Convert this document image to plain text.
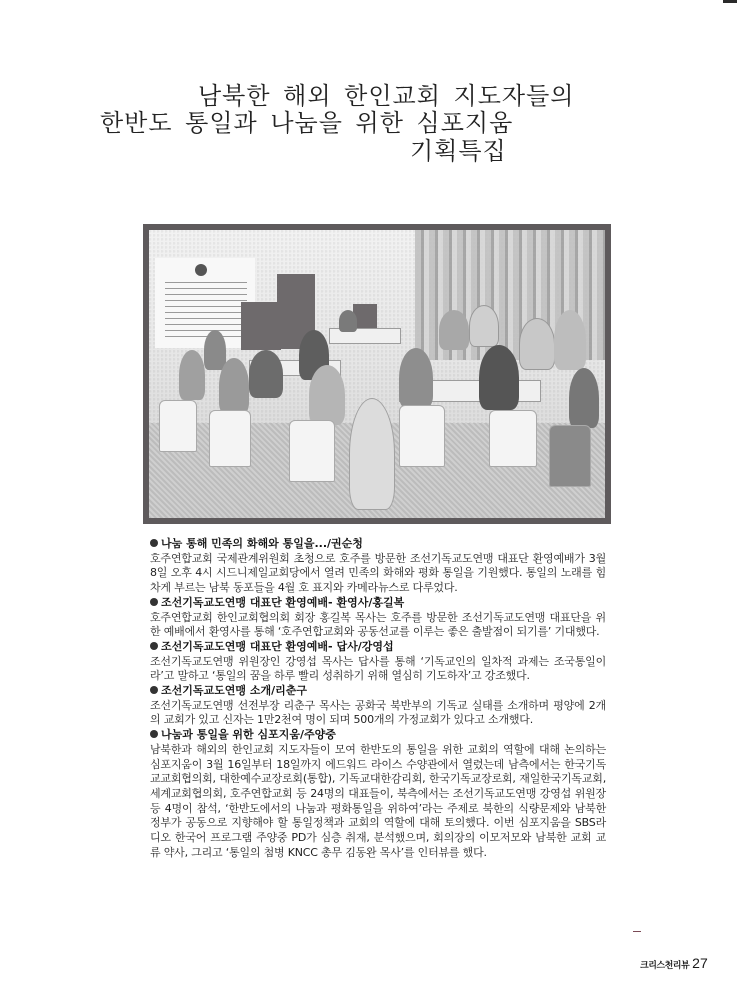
남북한 해외 한인교회 지도자들의
한반도 통일과 나눔을 위한 심포지움
기획특집
나눔 통해 민족의 화해와 통일을.../권순청

호주연합교회 국제관계위원회 초청으로 호주를 방문한 조선기독교도연맹 대표단 환영예배가 3월 8일 오후 4시 시드니제일교회당에서 열려 민족의 화해와 평화 통일을 기원했다. 통일의 노래를 힘차게 부르는 남북 동포들을 4월 호 표지와 카메라뉴스로 다루었다.

조선기독교도연맹 대표단 환영예배- 환영사/홍길복

호주연합교회 한인교회협의회 회장 홍길복 목사는 호주를 방문한 조선기독교도연맹 대표단을 위한 예배에서 환영사를 통해 ‘호주연합교회와 공동선교를 이루는 좋은 출발점이 되기를’ 기대했다.

조선기독교도연맹 대표단 환영예배- 답사/강영섭

조선기독교도연맹 위원장인 강영섭 목사는 답사를 통해 ‘기독교인의 일차적 과제는 조국통일이라’고 말하고 ‘통일의 꿈을 하루 빨리 성취하기 위해 열심히 기도하자’고 강조했다.

조선기독교도연맹 소개/리춘구

조선기독교도연맹 선전부장 리춘구 목사는 공화국 북반부의 기독교 실태를 소개하며 평양에 2개의 교회가 있고 신자는 1만2천여 명이 되며 500개의 가정교회가 있다고 소개했다.

나눔과 통일을 위한 심포지움/주양중

남북한과 해외의 한인교회 지도자들이 모여 한반도의 통일을 위한 교회의 역할에 대해 논의하는 심포지움이 3월 16일부터 18일까지 에드워드 라이스 수양관에서 열렸는데 남측에서는 한국기독교교회협의회, 대한예수교장로회(통합), 기독교대한감리회, 한국기독교장로회, 재일한국기독교회, 세계교회협의회, 호주연합교회 등 24명의 대표들이, 북측에서는 조선기독교도연맹 강영섭 위원장 등 4명이 참석, ‘한반도에서의 나눔과 평화통일을 위하여’라는 주제로 북한의 식량문제와 남북한 정부가 공동으로 지향해야 할 통일정책과 교회의 역할에 대해 토의했다. 이번 심포지움을 SBS라디오 한국어 프로그램 주양중 PD가 심층 취재, 분석했으며, 회의장의 이모저모와 남북한 교회 교류 약사, 그리고 ‘통일의 첨병 KNCC 총무 김동완 목사’를 인터뷰를 했다.

크리스천리뷰 27
